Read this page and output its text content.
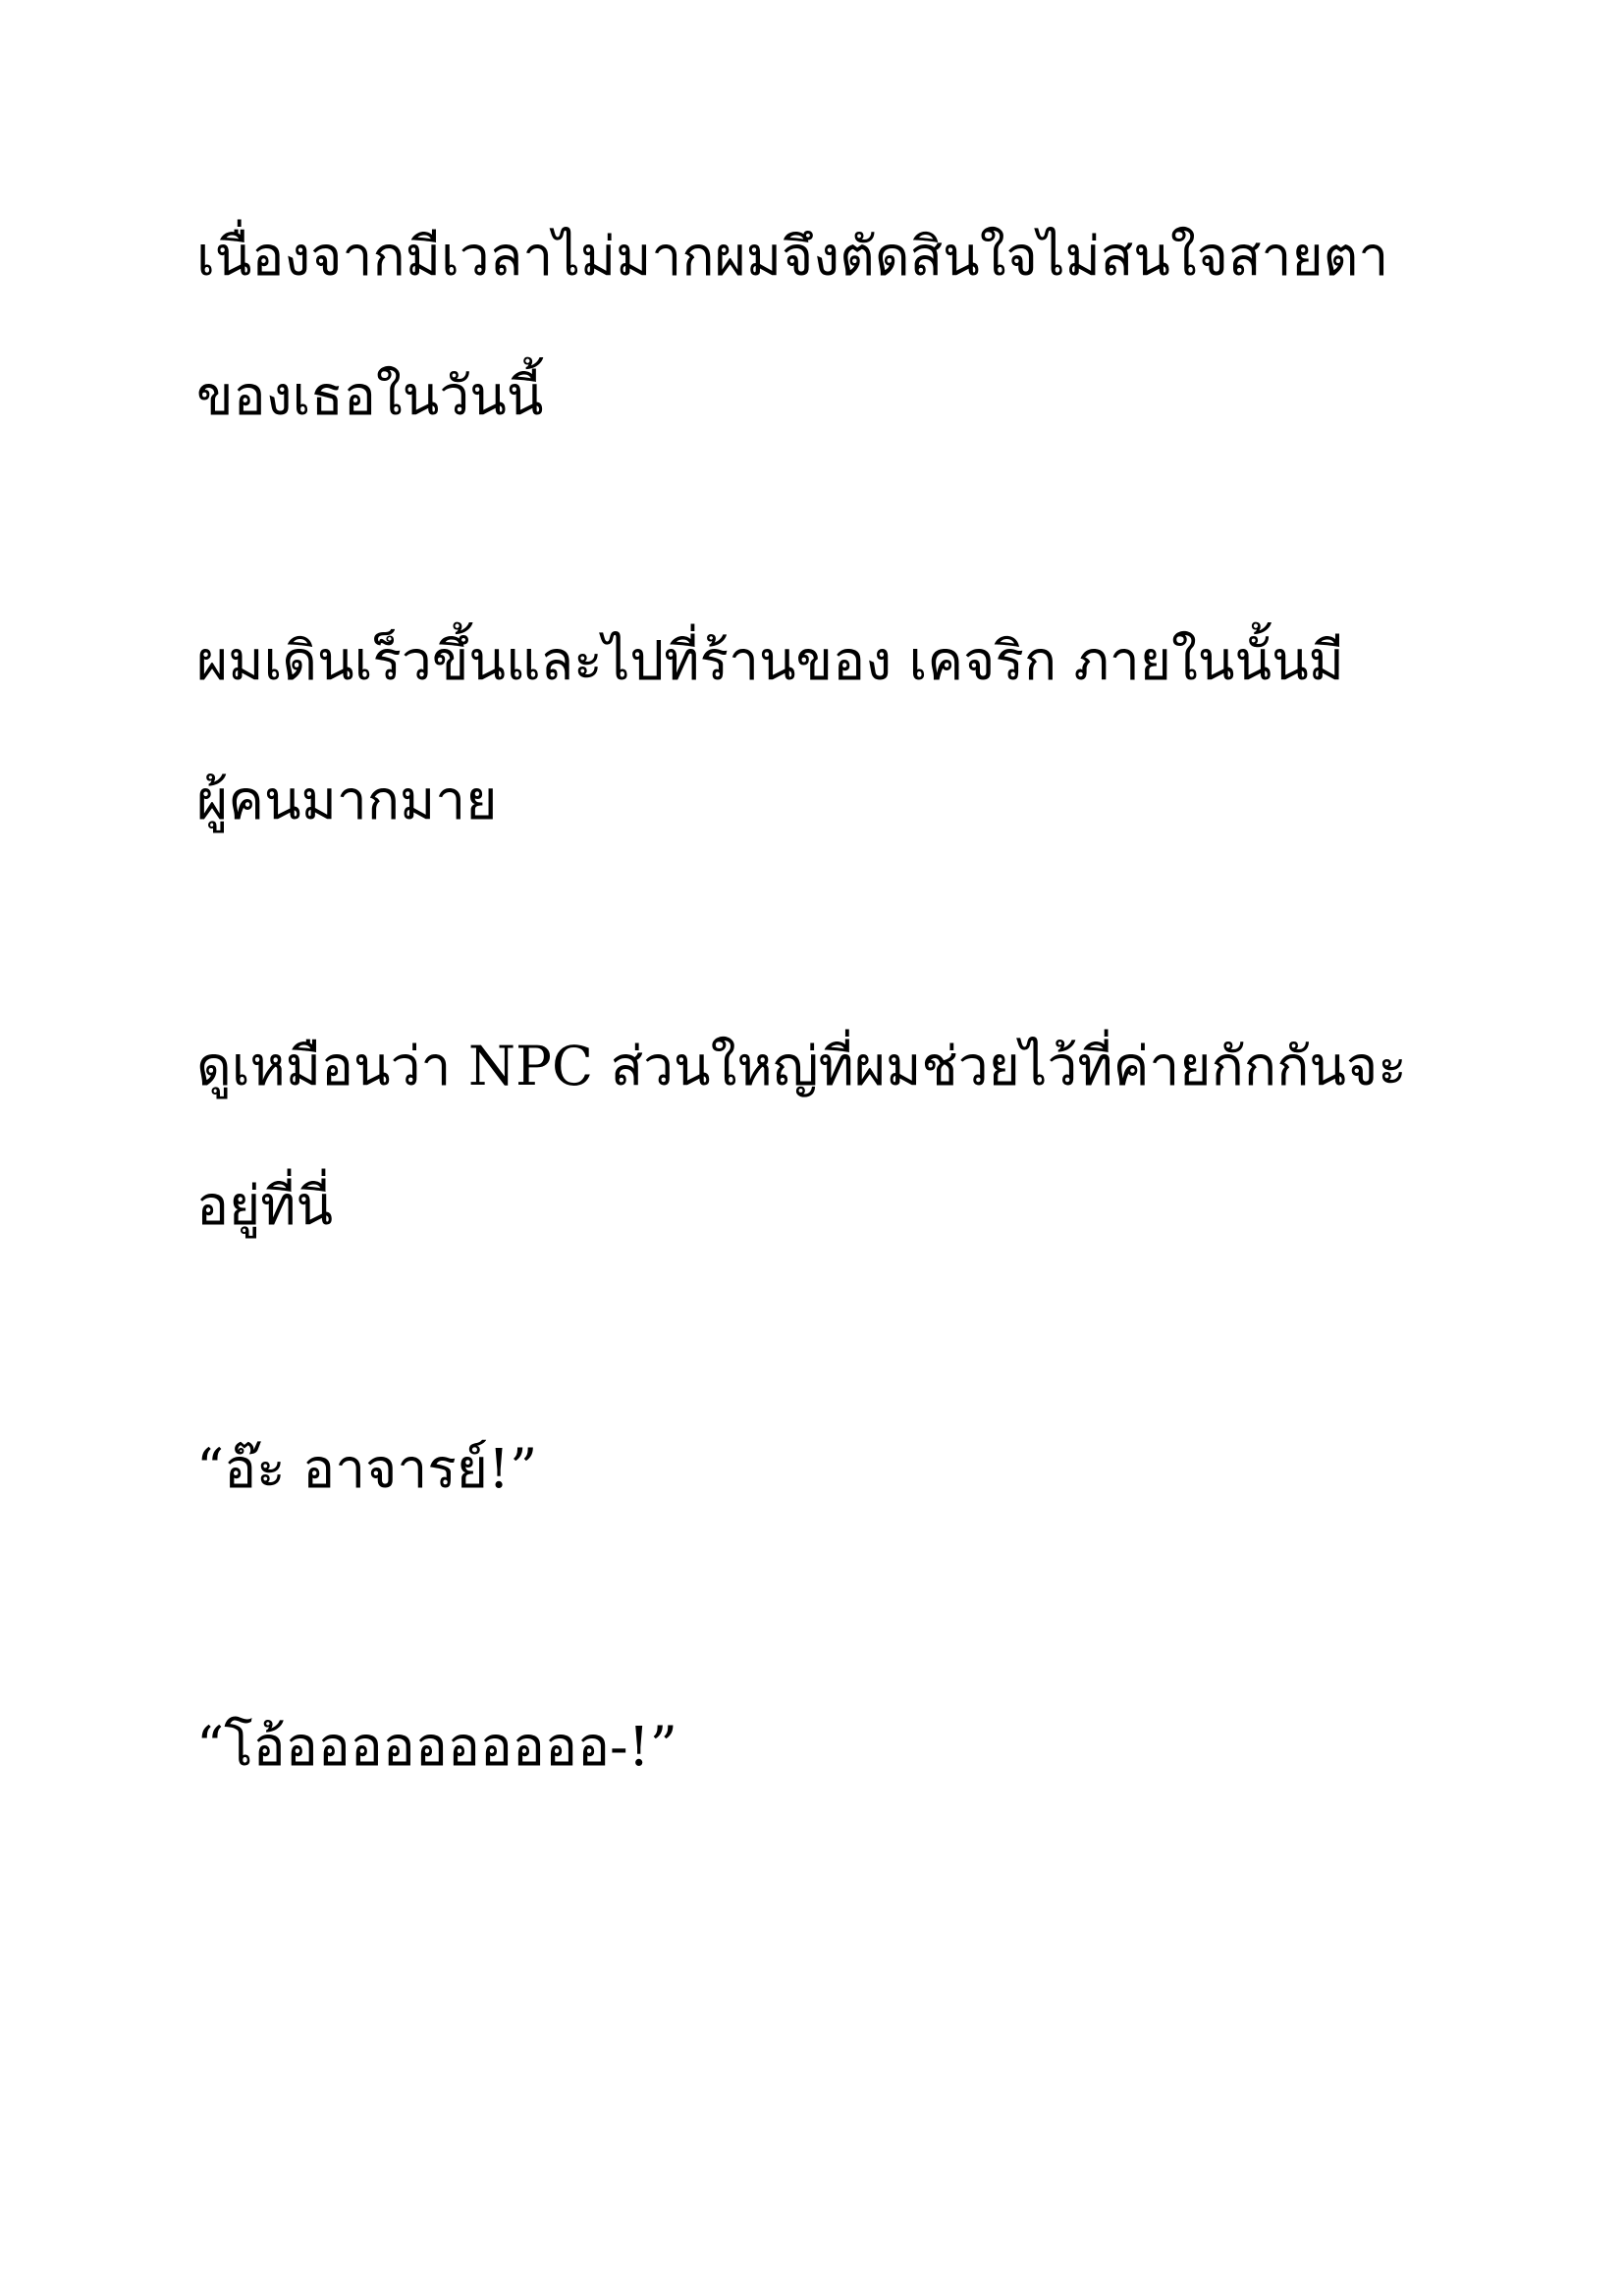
เนื่องจากมีเวลาไม่มากผมจึงตัดสินใจไม่สนใจสายตาของเธอในวันนี้

ผมเดินเร็วขึ้นและไปที่ร้านของ เคจริก ภายในนั้นมีผู้คนมากมาย

ดูเหมือนว่า NPC ส่วนใหญ่ที่ผมช่วยไว้ที่ค่ายกักกันจะอยู่ที่นี่

“อ๊ะ อาจารย์!”

“โอ้ออออออออออ-!”
